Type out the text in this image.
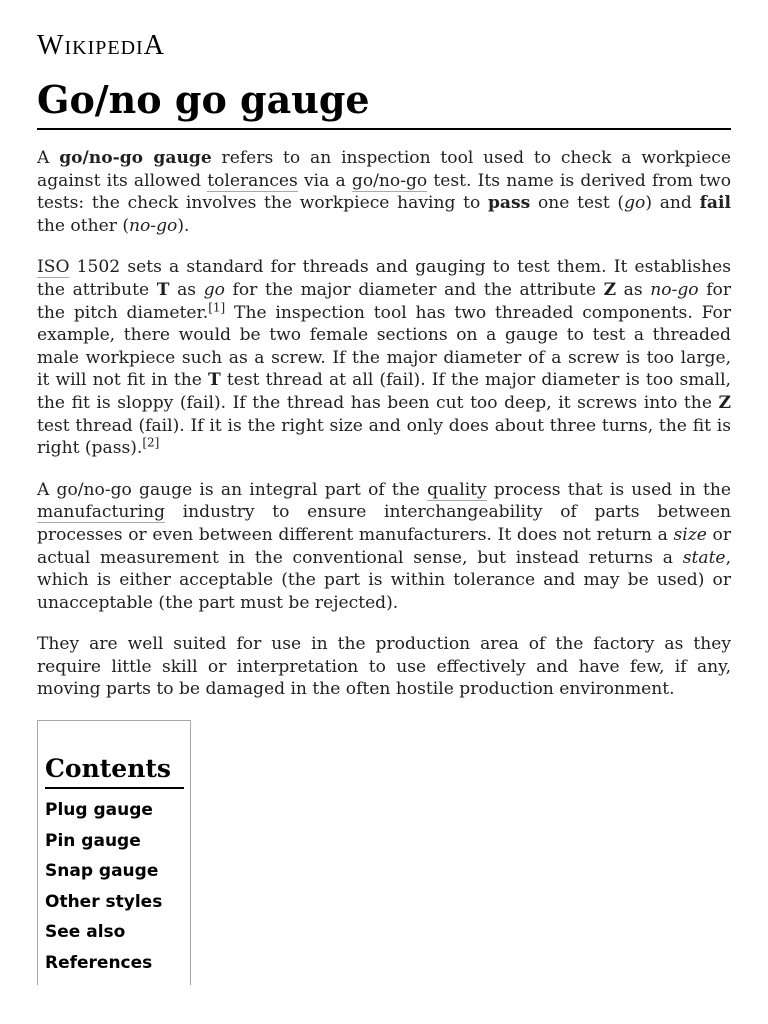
WIKIPEDIA
Go/no go gauge

A go/no-go gauge refers to an inspection tool used to check a workpiece against its allowed tolerances via a go/no-go test. Its name is derived from two tests: the check involves the workpiece having to pass one test (go) and fail the other (no-go).

ISO 1502 sets a standard for threads and gauging to test them. It establishes the attribute T as go for the major diameter and the attribute Z as no-go for the pitch diameter.[1] The inspection tool has two threaded components. For example, there would be two female sections on a gauge to test a threaded male workpiece such as a screw. If the major diameter of a screw is too large, it will not fit in the T test thread at all (fail). If the major diameter is too small, the fit is sloppy (fail). If the thread has been cut too deep, it screws into the Z test thread (fail). If it is the right size and only does about three turns, the fit is right (pass).[2]

A go/no-go gauge is an integral part of the quality process that is used in the manufacturing industry to ensure interchangeability of parts between processes or even between different manufacturers. It does not return a size or actual measurement in the conventional sense, but instead returns a state, which is either acceptable (the part is within tolerance and may be used) or unacceptable (the part must be rejected).

They are well suited for use in the production area of the factory as they require little skill or interpretation to use effectively and have few, if any, moving parts to be damaged in the often hostile production environment.

Contents
Plug gauge
Pin gauge
Snap gauge
Other styles
See also
References
